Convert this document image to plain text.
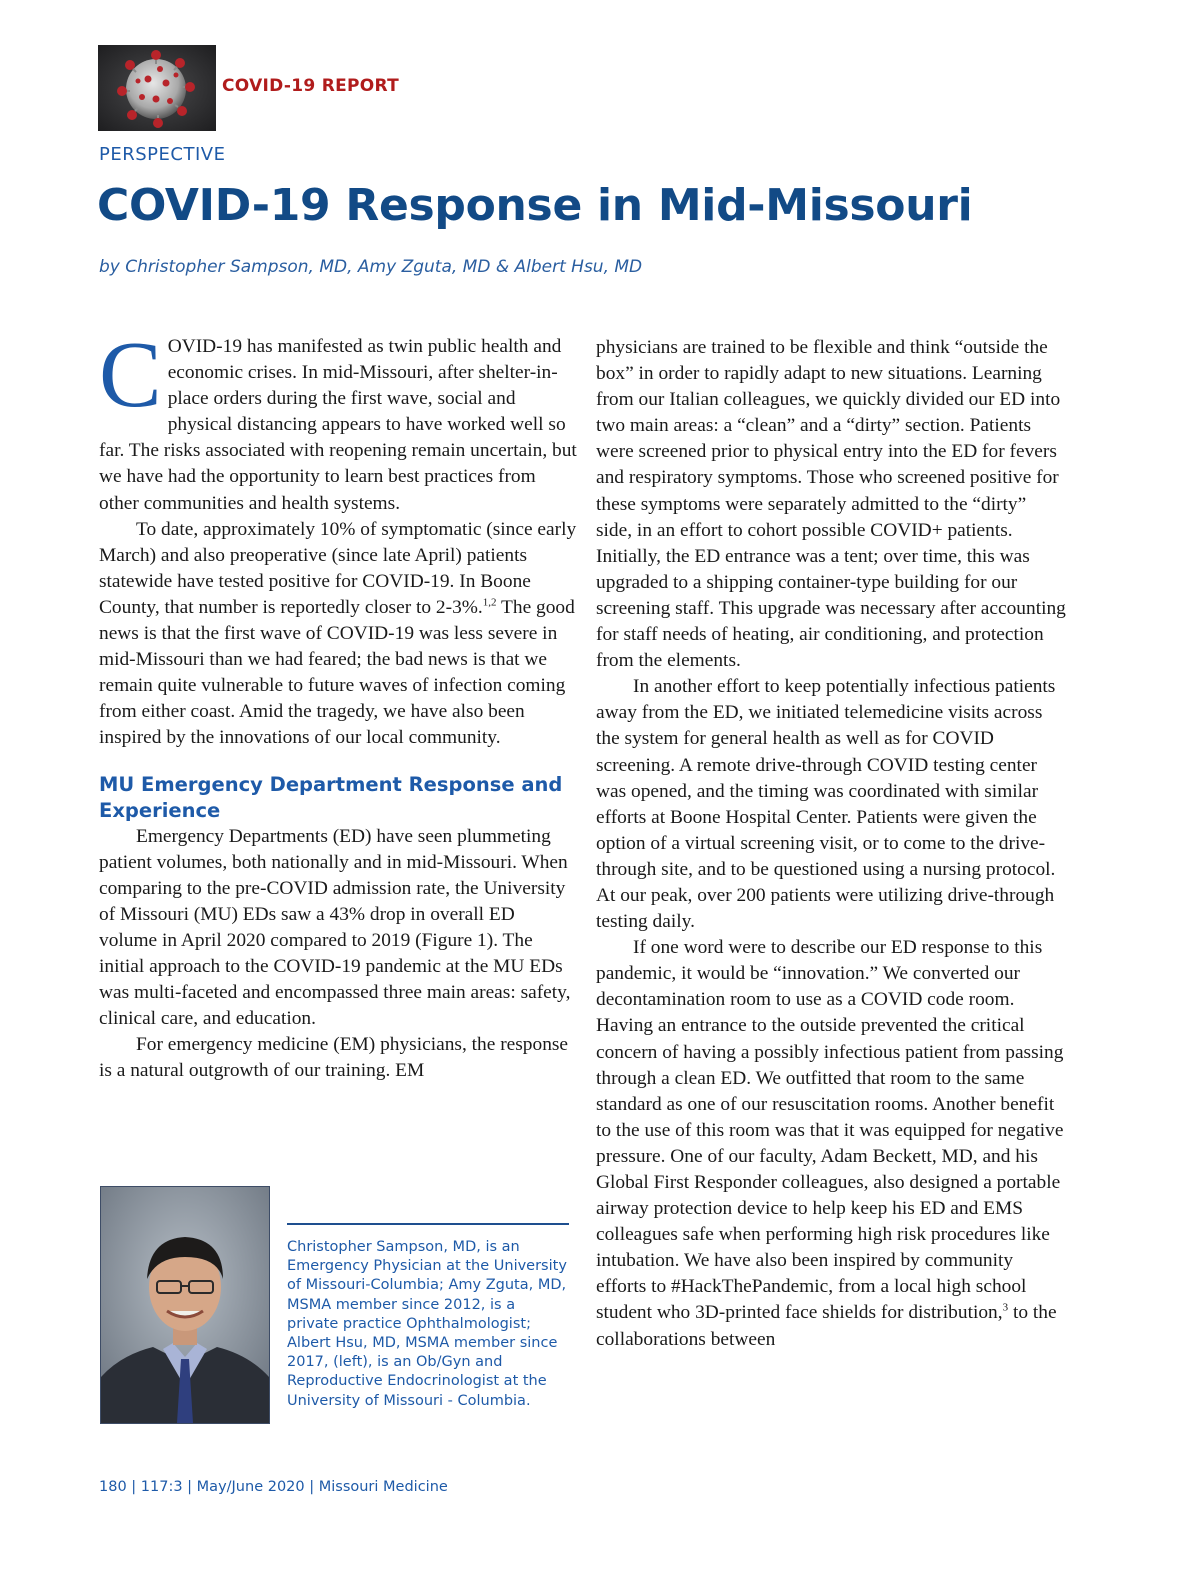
COVID-19 REPORT
PERSPECTIVE
COVID-19 Response in Mid-Missouri
by Christopher Sampson, MD, Amy Zguta, MD & Albert Hsu, MD

COVID-19 has manifested as twin public health and economic crises. In mid-Missouri, after shelter-in-place orders during the first wave, social and physical distancing appears to have worked well so far. The risks associated with reopening remain uncertain, but we have had the opportunity to learn best practices from other communities and health systems.

To date, approximately 10% of symptomatic (since early March) and also preoperative (since late April) patients statewide have tested positive for COVID-19. In Boone County, that number is reportedly closer to 2-3%.$^{1,2}$ The good news is that the first wave of COVID-19 was less severe in mid-Missouri than we had feared; the bad news is that we remain quite vulnerable to future waves of infection coming from either coast. Amid the tragedy, we have also been inspired by the innovations of our local community.

MU Emergency Department Response and Experience

Emergency Departments (ED) have seen plummeting patient volumes, both nationally and in mid-Missouri. When comparing to the pre-COVID admission rate, the University of Missouri (MU) EDs saw a 43% drop in overall ED volume in April 2020 compared to 2019 (Figure 1). The initial approach to the COVID-19 pandemic at the MU EDs was multi-faceted and encompassed three main areas: safety, clinical care, and education.

For emergency medicine (EM) physicians, the response is a natural outgrowth of our training. EM

physicians are trained to be flexible and think “outside the box” in order to rapidly adapt to new situations. Learning from our Italian colleagues, we quickly divided our ED into two main areas: a “clean” and a “dirty” section. Patients were screened prior to physical entry into the ED for fevers and respiratory symptoms. Those who screened positive for these symptoms were separately admitted to the “dirty” side, in an effort to cohort possible COVID+ patients. Initially, the ED entrance was a tent; over time, this was upgraded to a shipping container-type building for our screening staff. This upgrade was necessary after accounting for staff needs of heating, air conditioning, and protection from the elements.

In another effort to keep potentially infectious patients away from the ED, we initiated telemedicine visits across the system for general health as well as for COVID screening. A remote drive-through COVID testing center was opened, and the timing was coordinated with similar efforts at Boone Hospital Center. Patients were given the option of a virtual screening visit, or to come to the drive-through site, and to be questioned using a nursing protocol. At our peak, over 200 patients were utilizing drive-through testing daily.

If one word were to describe our ED response to this pandemic, it would be “innovation.” We converted our decontamination room to use as a COVID code room. Having an entrance to the outside prevented the critical concern of having a possibly infectious patient from passing through a clean ED. We outfitted that room to the same standard as one of our resuscitation rooms. Another benefit to the use of this room was that it was equipped for negative pressure. One of our faculty, Adam Beckett, MD, and his Global First Responder colleagues, also designed a portable airway protection device to help keep his ED and EMS colleagues safe when performing high risk procedures like intubation. We have also been inspired by community efforts to #HackThePandemic, from a local high school student who 3D-printed face shields for distribution,$^3$ to the collaborations between

Christopher Sampson, MD, is an Emergency Physician at the University of Missouri-Columbia; Amy Zguta, MD, MSMA member since 2012, is a private practice Ophthalmologist; Albert Hsu, MD, MSMA member since 2017, (left), is an Ob/Gyn and Reproductive Endocrinologist at the University of Missouri - Columbia.
180 | 117:3 | May/June 2020 | Missouri Medicine
